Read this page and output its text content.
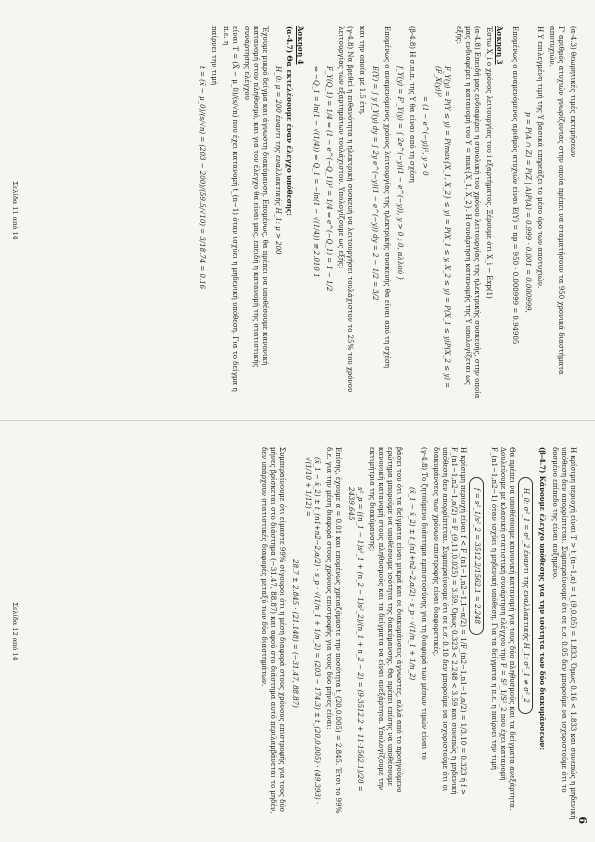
(α-4.3) θεωρητικές τιμές εκτιμήσεων
Γ' αριθμός ατυχιών γνωρίζοντας στην οποία πρέπει να σταματήσουν τα 950 χρονικά διαστήματα αποτυχιών.
Η Υ επιλεγμένη τιμή της Υ βασικά επηρεάζει το μέσο όρο των αποτυχιών.
p = P(A ∩ Z) = P(Z | A)P(A) = 0.999 · 0.001 = 0.000999,
Επομένως ο αναμενόμενος αριθμός ατυχιών είναι E(Y) = np = 950 · 0.000999 = 0.94905
Άσκηση 3
Έστω X_i ο χρόνος λειτουργίας του i εξαρτήματος. Ξέρουμε ότι X_i ~ Exp(1)
(α-4.8) Επειδή μας ενδιαφέρει η συνολική του χρόνου λειτουργίας της ηλεκτρικής συσκευής, στην οποία μας ενδιαφέρει η κατανομή του Y = max{X_1, X_2}. Η συνάρτηση κατανομής της Y υπολογίζεται ως εξής:
F_Y(y) = P(Y ≤ y) = P(max{X_1, X_2} ≤ y) = P(X_1 ≤ y, X_2 ≤ y) = P(X_1 ≤ y)P(X_2 ≤ y) = (F_X(y))²
= (1 − e^(−y))², y > 0
(β-4.8) Η σ.π.π. της Y θα είναι από τη σχέση
f_Y(y) = F'_Y(y) = { 2e^(−y)(1 − e^(−y)), y > 0 ; 0, αλλού }
Επομένως ο αναμενόμενος χρόνος λειτουργίας της ηλεκτρικής συσκευής θα είναι από τη σχέση
E(Y) = ∫ y f_Y(y) dy = ∫ 2y e^(−y)(1 − e^(−y)) dy = 2 − 1/2 = 3/2
και την οποία με 1.5 έτη.
(γ-4.8) Να βρεθεί η πιθανότητα η ηλεκτρική συσκευή να λειτουργήσει τουλάχιστον το 25% του χρόνου λειτουργίας των εξαρτημάτων τουλάχιστον. Υπολογίζουμε ως εξής:
F_Y(Q_1) = 1/4 ⇔ (1 − e^(−Q_1))² = 1/4 ⇔ e^(−Q_1) = 1 − 1/2
⇔ −Q_1 = ln(1 − √(1/4)) ⇔ Q_1 = −ln(1 − √(1/4)) ≅ 2.010 1
Άσκηση 4
(α-4.7) Θα εκτελέσουμε έναν έλεγχο υπόθεσης:
H_0: μ = 200 έναντι της εναλλακτικής H_1: μ > 200
Έχουμε μικρό δείγμα και άγνωστη διακύμανση. Επομένως, θα πρέπει να υποθέσουμε κανονική κατανομή στον πληθυσμό, και για τον έλεγχο θα είναι μας, επειδή η κατανομή της στατιστικής συνάρτησης ελέγχου
είναι T = (X̄ − μ_0)/(s/√n) που έχει κατανομή t_(n−1) όταν ισχύει η μηδενική υπόθεση. Για το δείγμα η π.ε. η
παίρνει την τιμή
t = (x̄ − μ_0)/(s/√n) = (203 − 200)/(59.5/√10) = 3/18.74 = 0.16
Σελίδα 11 από 14
6
Η κρίσιμη περιοχή είναι T > t_(n−1,α) = t_(9,0.05) = 1.833. Όμως 0.16 < 1.833 και συνεπώς η μηδενική υπόθεση δεν απορρίπτεται. Συμπεραίνουμε ότι σε ε.σ. 0.05 δεν μπορούμε να ισχυριστούμε ότι το δοσμένο επίπεδο της είναι αυξημένο.
(β-4.7) Κάνουμε έλεγχο υπόθεσης για την ισότητα των δύο διακυμάνσεων:
H_0: σ²_1 = σ²_2 έναντι της εναλλακτικής H_1: σ²_1 ≠ σ²_2
Θα πρέπει να υποθέσουμε κανονική κατανομή για τους δύο πληθυσμούς και τα δείγματα ανεξάρτητα. Δουλεύουμε με κλασική στατιστική συνάρτηση ελέγχου την F = S²_1/S²_2 που έχει κατανομή F_(n1−1,n2−1) όταν ισχύει η μηδενική υπόθεση. Για τα δείγματα η π.ε. η παίρνει την τιμή
f = s²_1/s²_2 = 3512.2/1562.1 = 2.248
Η κρίσιμη περιοχή είναι f < F_(n1−1,n2−1,1−α/2) = 1/F_(n2−1,n1−1,α/2) = 1/3.10 = 0.323 ή f > F_(n1−1,n2−1,α/2) = F_(9,11,0.025) = 3.59. Όμως 0.323 < 2.248 < 3.59 και συνεπώς η μηδενική υπόθεση δεν απορρίπτεται. Συμπεραίνουμε ότι σε ε.σ. 0.10 δεν μπορούμε να ισχυριστούμε ότι οι διακυμάνσεις των χρόνων επιστροφής είναι διαφορετικές.
(γ-4.8) Το ζητούμενο διάστημα εμπιστοσύνης για τη διαφορά των μέσων τιμών είναι το
(x̄_1 − x̄_2) ± t_(n1+n2−2,α/2) · s_p · √(1/n_1 + 1/n_2)
βάσει του ότι τα δείγματα είναι μικρά και οι διακυμάνσεις άγνωστες, αλλά από το προηγούμενο ερώτημα μπορούμε να υποθέσουμε ισότητα της διακύμανσης. Θα πρέπει επίσης να υποθέσουμε κανονική κατανομή στους πληθυσμούς και τα δείγματα να είναι ανεξάρτητα. Υπολογίζουμε την εκτιμήτρια της διακύμανσης:
s²_p = ((n_1 − 1)s²_1 + (n_2 − 1)s²_2)/(n_1 + n_2 − 2) = (9·3512.2 + 11·1562.1)/20 = 2439.645
Επίσης, έχουμε α = 0.01 και επομένως χρειαζόμαστε την ποσότητα t_(20,0.005) = 2.845. Έτσι το 99% δ.ε. για την μέση διαφορά στους χρόνους επιστροφής για τους δύο μήνες είναι:
(x̄_1 − x̄_2) ± t_(n1+n2−2,α/2) · s_p · √(1/n_1 + 1/n_2) = (203 − 174.3) ± t_(20,0.005) · (49.393) · √(1/10 + 1/12) =
28.7 ± 2.845 · (21.148) = (−31.47, 88.87)
Συμπεραίνουμε ότι είμαστε 99% σίγουροι ότι η μέση διαφορά στους χρόνους επιστροφής για τους δύο μήνες βρίσκεται στο διάστημα (−31.47, 88.87) και αφού στο διάστημα αυτό περιλαμβάνεται το μηδέν, δεν υπάρχουν στατιστικές διαφορές μεταξύ των δύο διαστημάτων.
Σελίδα 12 από 14
